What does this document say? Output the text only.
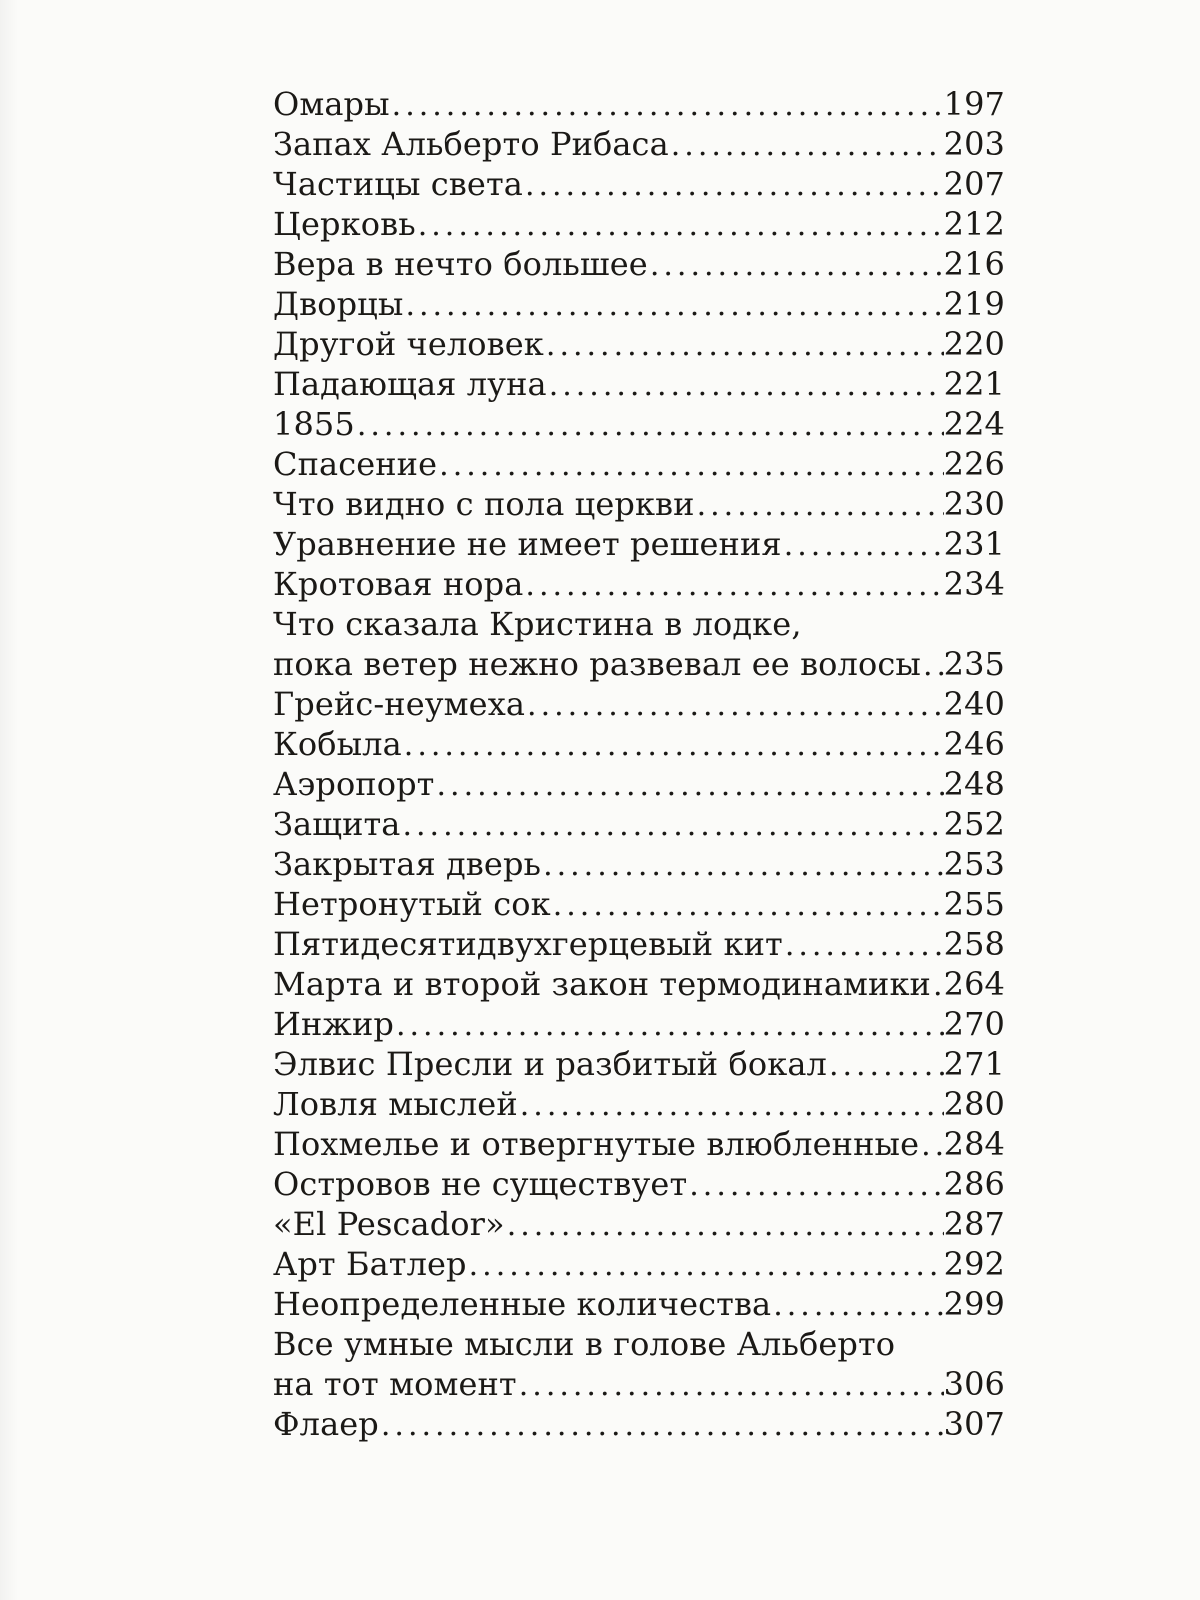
Омары .....	197
Запах Альберто Рибаса .....	203
Частицы света .....	207
Церковь .....	212
Вера в нечто большее .....	216
Дворцы .....	219
Другой человек .....	220
Падающая луна .....	221
1855 .....	224
Спасение .....	226
Что видно с пола церкви .....	230
Уравнение не имеет решения .....	231
Кротовая нора .....	234
Что сказала Кристина в лодке,
пока ветер нежно развевал ее волосы ..... 235
Грейс-неумеха .....	240
Кобыла .....	246
Аэропорт .....	248
Защита .....	252
Закрытая дверь .....	253
Нетронутый сок .....	255
Пятидесятидвухгерцевый кит .....	258
Марта и второй закон термодинамики ..... 264
Инжир .....	270
Элвис Пресли и разбитый бокал .....	271
Ловля мыслей .....	280
Похмелье и отвергнутые влюбленные ..... 284
Островов не существует .....	286
«El Pescador» .....	287
Арт Батлер .....	292
Неопределенные количества .....	299
Все умные мысли в голове Альберто
на тот момент .....	306
Флаер .....	307
